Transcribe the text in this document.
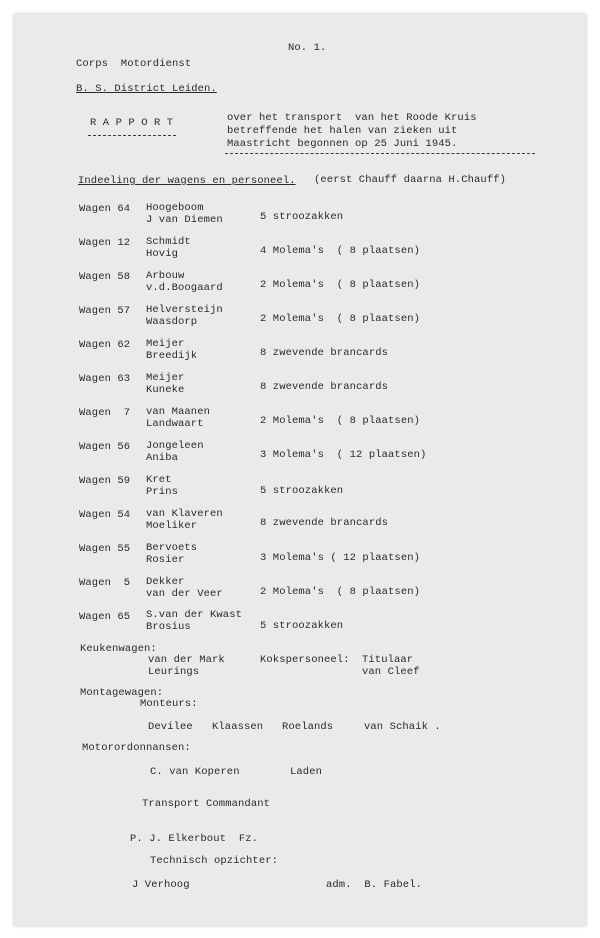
No. 1.
Corps  Motordienst
B. S. District Leiden.
R A P P O R T	over het transport  van het Roode Kruis
betreffende het halen van zieken uit
Maastricht begonnen op 25 Juni 1945.
Indeeling der wagens en personeel. (eerst Chauff daarna H.Chauff)
Wagen 64 Hoogeboom
J van Diemen	5 stroozakken
Wagen 12 Schmidt
Hovig	4 Molema's  ( 8 plaatsen)
Wagen 58 Arbouw
v.d.Boogaard	2 Molema's  ( 8 plaatsen)
Wagen 57 Helversteijn
Waasdorp	2 Molema's  ( 8 plaatsen)
Wagen 62 Meijer
Breedijk	8 zwevende brancards
Wagen 63 Meijer
Kuneke	8 zwevende brancards
Wagen  7 van Maanen
Landwaart	2 Molema's  ( 8 plaatsen)
Wagen 56 Jongeleen
Aniba	3 Molema's  ( 12 plaatsen)
Wagen 59 Kret
Prins	5 stroozakken
Wagen 54 van Klaveren
Moeliker	8 zwevende brancards
Wagen 55 Bervoets
Rosier	3 Molema's ( 12 plaatsen)
Wagen  5 Dekker
van der Veer	2 Molema's  ( 8 plaatsen)
Wagen 65 S.van der Kwast
Brosius	5 stroozakken
Keukenwagen:
van der Mark
Leurings
Kokspersoneel: Titulaar
van Cleef
Montagewagen:
Monteurs:
Devilee Klaassen Roelands	van Schaik .
Motorordonnansen:
C. van Koperen	Laden
Transport Commandant
P. J. Elkerbout  Fz.
Technisch opzichter:
J Verhoog	adm.  B. Fabel.
